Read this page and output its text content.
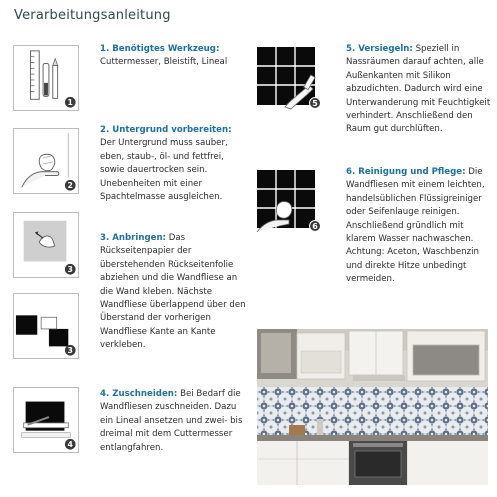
Verarbeitungsanleitung
1
1. Benötigtes Werkzeug:
Cuttermesser, Bleistift, Lineal
2
2. Untergrund vorbereiten:
Der Untergrund muss sauber, eben, staub-, öl- und fettfrei, sowie dauertrocken sein. Unebenheiten mit einer Spachtelmasse ausgleichen.
3
3
3. Anbringen: Das Rückseitenpapier der überstehenden Rückseitenfolie abziehen und die Wandfliese an die Wand kleben. Nächste Wandfliese überlappend über den Überstand der vorherigen Wandfliese Kante an Kante verkleben.
4
4. Zuschneiden: Bei Bedarf die Wandfliesen zuschneiden. Dazu ein Lineal ansetzen und zwei- bis dreimal mit dem Cuttermesser entlangfahren.
5
5. Versiegeln: Speziell in Nassräumen darauf achten, alle Außenkanten mit Silikon abzudichten. Dadurch wird eine Unterwanderung mit Feuchtigkeit verhindert. Anschließend den Raum gut durchlüften.
6
6. Reinigung und Pflege: Die Wandfliesen mit einem leichten, handelsüblichen Flüssigreiniger oder Seifenlauge reinigen. Anschließend gründlich mit klarem Wasser nachwaschen. Achtung: Aceton, Waschbenzin und direkte Hitze unbedingt vermeiden.
